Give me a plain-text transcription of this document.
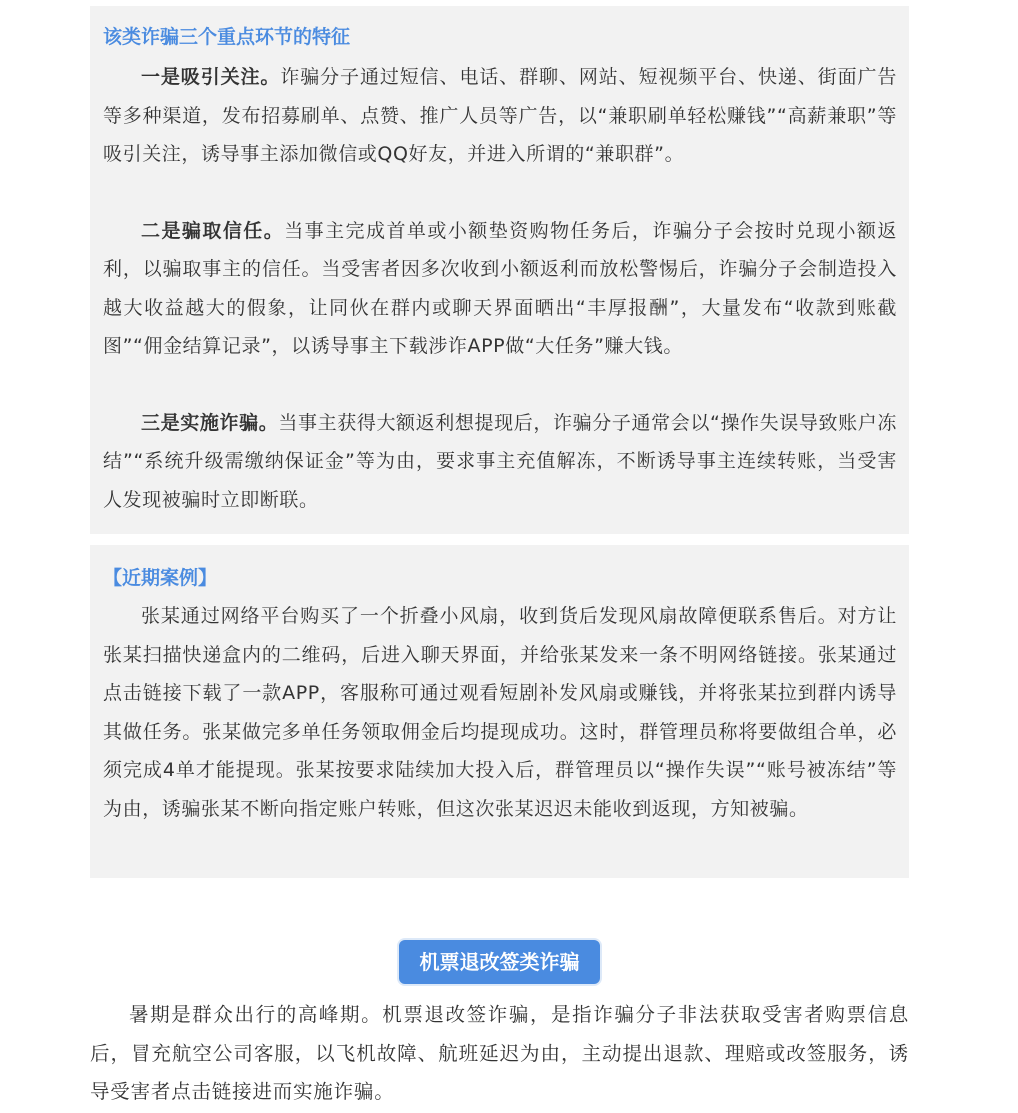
该类诈骗三个重点环节的特征

一是吸引关注。诈骗分子通过短信、电话、群聊、网站、短视频平台、快递、街面广告等多种渠道，发布招募刷单、点赞、推广人员等广告，以“兼职刷单轻松赚钱”“高薪兼职”等吸引关注，诱导事主添加微信或QQ好友，并进入所谓的“兼职群”。

二是骗取信任。当事主完成首单或小额垫资购物任务后，诈骗分子会按时兑现小额返利，以骗取事主的信任。当受害者因多次收到小额返利而放松警惕后，诈骗分子会制造投入越大收益越大的假象，让同伙在群内或聊天界面晒出“丰厚报酬”，大量发布“收款到账截图”“佣金结算记录”，以诱导事主下载涉诈APP做“大任务”赚大钱。

三是实施诈骗。当事主获得大额返利想提现后，诈骗分子通常会以“操作失误导致账户冻结”“系统升级需缴纳保证金”等为由，要求事主充值解冻，不断诱导事主连续转账，当受害人发现被骗时立即断联。

【近期案例】

张某通过网络平台购买了一个折叠小风扇，收到货后发现风扇故障便联系售后。对方让张某扫描快递盒内的二维码，后进入聊天界面，并给张某发来一条不明网络链接。张某通过点击链接下载了一款APP，客服称可通过观看短剧补发风扇或赚钱，并将张某拉到群内诱导其做任务。张某做完多单任务领取佣金后均提现成功。这时，群管理员称将要做组合单，必须完成4单才能提现。张某按要求陆续加大投入后，群管理员以“操作失误”“账号被冻结”等为由，诱骗张某不断向指定账户转账，但这次张某迟迟未能收到返现，方知被骗。

机票退改签类诈骗

暑期是群众出行的高峰期。机票退改签诈骗，是指诈骗分子非法获取受害者购票信息后，冒充航空公司客服，以飞机故障、航班延迟为由，主动提出退款、理赔或改签服务，诱导受害者点击链接进而实施诈骗。
